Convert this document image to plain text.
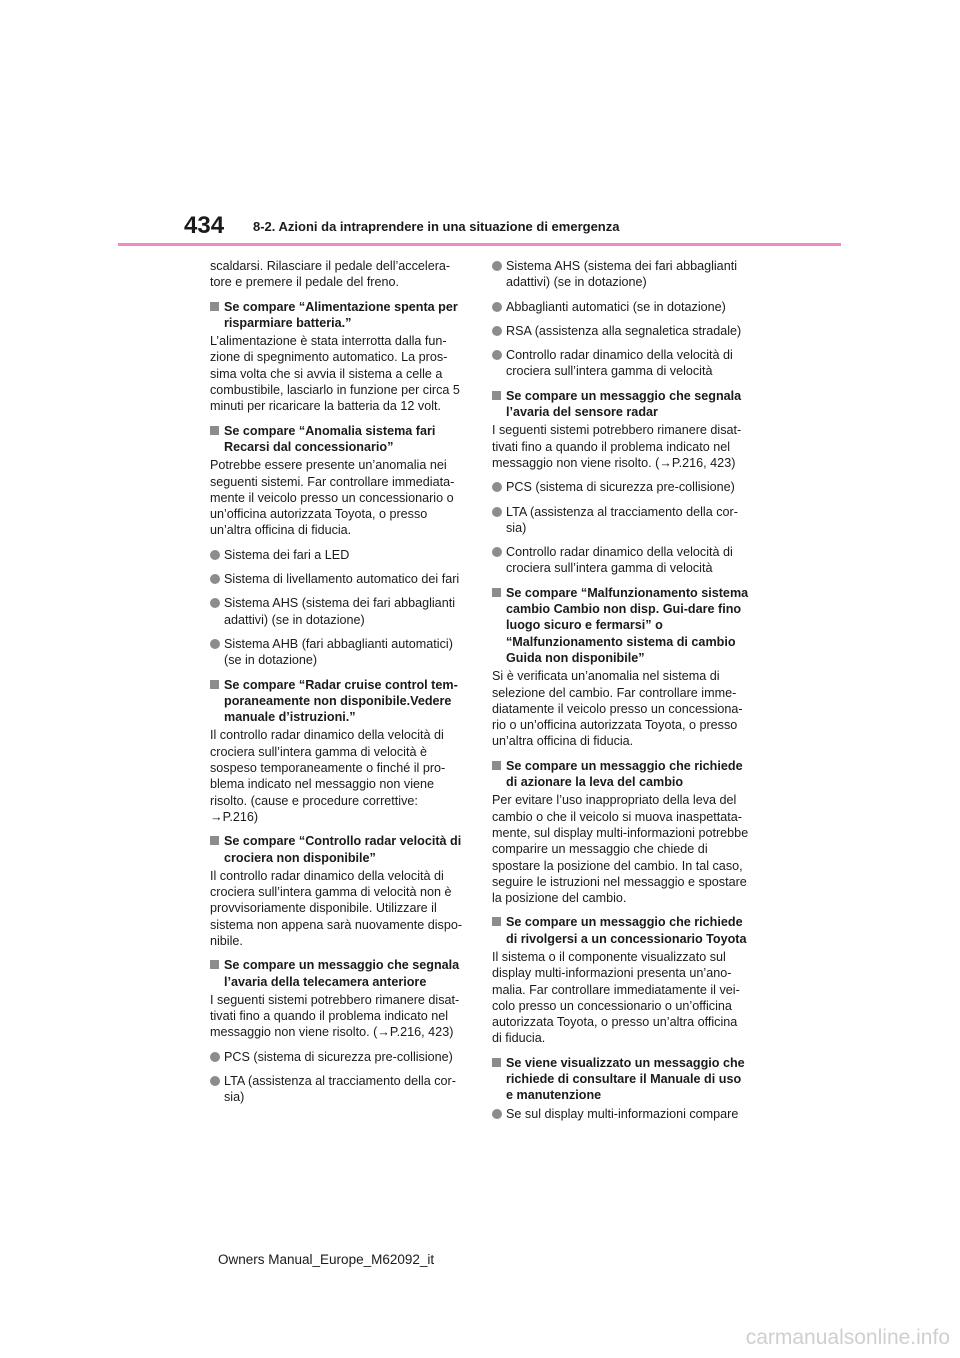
434 8-2. Azioni da intraprendere in una situazione di emergenza
scaldarsi. Rilasciare il pedale dell’accelera-tore e premere il pedale del freno.
Se compare “Alimentazione spenta per risparmiare batteria.”
L’alimentazione è stata interrotta dalla fun-zione di spegnimento automatico. La pros-sima volta che si avvia il sistema a celle a combustibile, lasciarlo in funzione per circa 5 minuti per ricaricare la batteria da 12 volt.
Se compare “Anomalia sistema fari Recarsi dal concessionario”
Potrebbe essere presente un’anomalia nei seguenti sistemi. Far controllare immediata-mente il veicolo presso un concessionario o un’officina autorizzata Toyota, o presso un’altra officina di fiducia.
Sistema dei fari a LED
Sistema di livellamento automatico dei fari
Sistema AHS (sistema dei fari abbaglianti adattivi) (se in dotazione)
Sistema AHB (fari abbaglianti automatici) (se in dotazione)
Se compare “Radar cruise control tem-poraneamente non disponibile.Vedere manuale d’istruzioni.”
Il controllo radar dinamico della velocità di crociera sull’intera gamma di velocità è sospeso temporaneamente o finché il pro-blema indicato nel messaggio non viene risolto. (cause e procedure correttive: →P.216)
Se compare “Controllo radar velocità di crociera non disponibile”
Il controllo radar dinamico della velocità di crociera sull’intera gamma di velocità non è provvisoriamente disponibile. Utilizzare il sistema non appena sarà nuovamente dispo-nibile.
Se compare un messaggio che segnala l’avaria della telecamera anteriore
I seguenti sistemi potrebbero rimanere disat-tivati fino a quando il problema indicato nel messaggio non viene risolto. (→P.216, 423)
PCS (sistema di sicurezza pre-collisione)
LTA (assistenza al tracciamento della cor-sia)
Sistema AHS (sistema dei fari abbaglianti adattivi) (se in dotazione)
Abbaglianti automatici (se in dotazione)
RSA (assistenza alla segnaletica stradale)
Controllo radar dinamico della velocità di crociera sull’intera gamma di velocità
Se compare un messaggio che segnala l’avaria del sensore radar
I seguenti sistemi potrebbero rimanere disat-tivati fino a quando il problema indicato nel messaggio non viene risolto. (→P.216, 423)
PCS (sistema di sicurezza pre-collisione)
LTA (assistenza al tracciamento della cor-sia)
Controllo radar dinamico della velocità di crociera sull’intera gamma di velocità
Se compare “Malfunzionamento sistema cambio Cambio non disp. Gui-dare fino luogo sicuro e fermarsi” o “Malfunzionamento sistema di cambio Guida non disponibile”
Si è verificata un’anomalia nel sistema di selezione del cambio. Far controllare imme-diatamente il veicolo presso un concessiona-rio o un’officina autorizzata Toyota, o presso un’altra officina di fiducia.
Se compare un messaggio che richiede di azionare la leva del cambio
Per evitare l’uso inappropriato della leva del cambio o che il veicolo si muova inaspettata-mente, sul display multi-informazioni potrebbe comparire un messaggio che chiede di spostare la posizione del cambio. In tal caso, seguire le istruzioni nel messaggio e spostare la posizione del cambio.
Se compare un messaggio che richiede di rivolgersi a un concessionario Toyota
Il sistema o il componente visualizzato sul display multi-informazioni presenta un’ano-malia. Far controllare immediatamente il vei-colo presso un concessionario o un’officina autorizzata Toyota, o presso un’altra officina di fiducia.
Se viene visualizzato un messaggio che richiede di consultare il Manuale di uso e manutenzione
Se sul display multi-informazioni compare
Owners Manual_Europe_M62092_it
carmanualsonline.info
